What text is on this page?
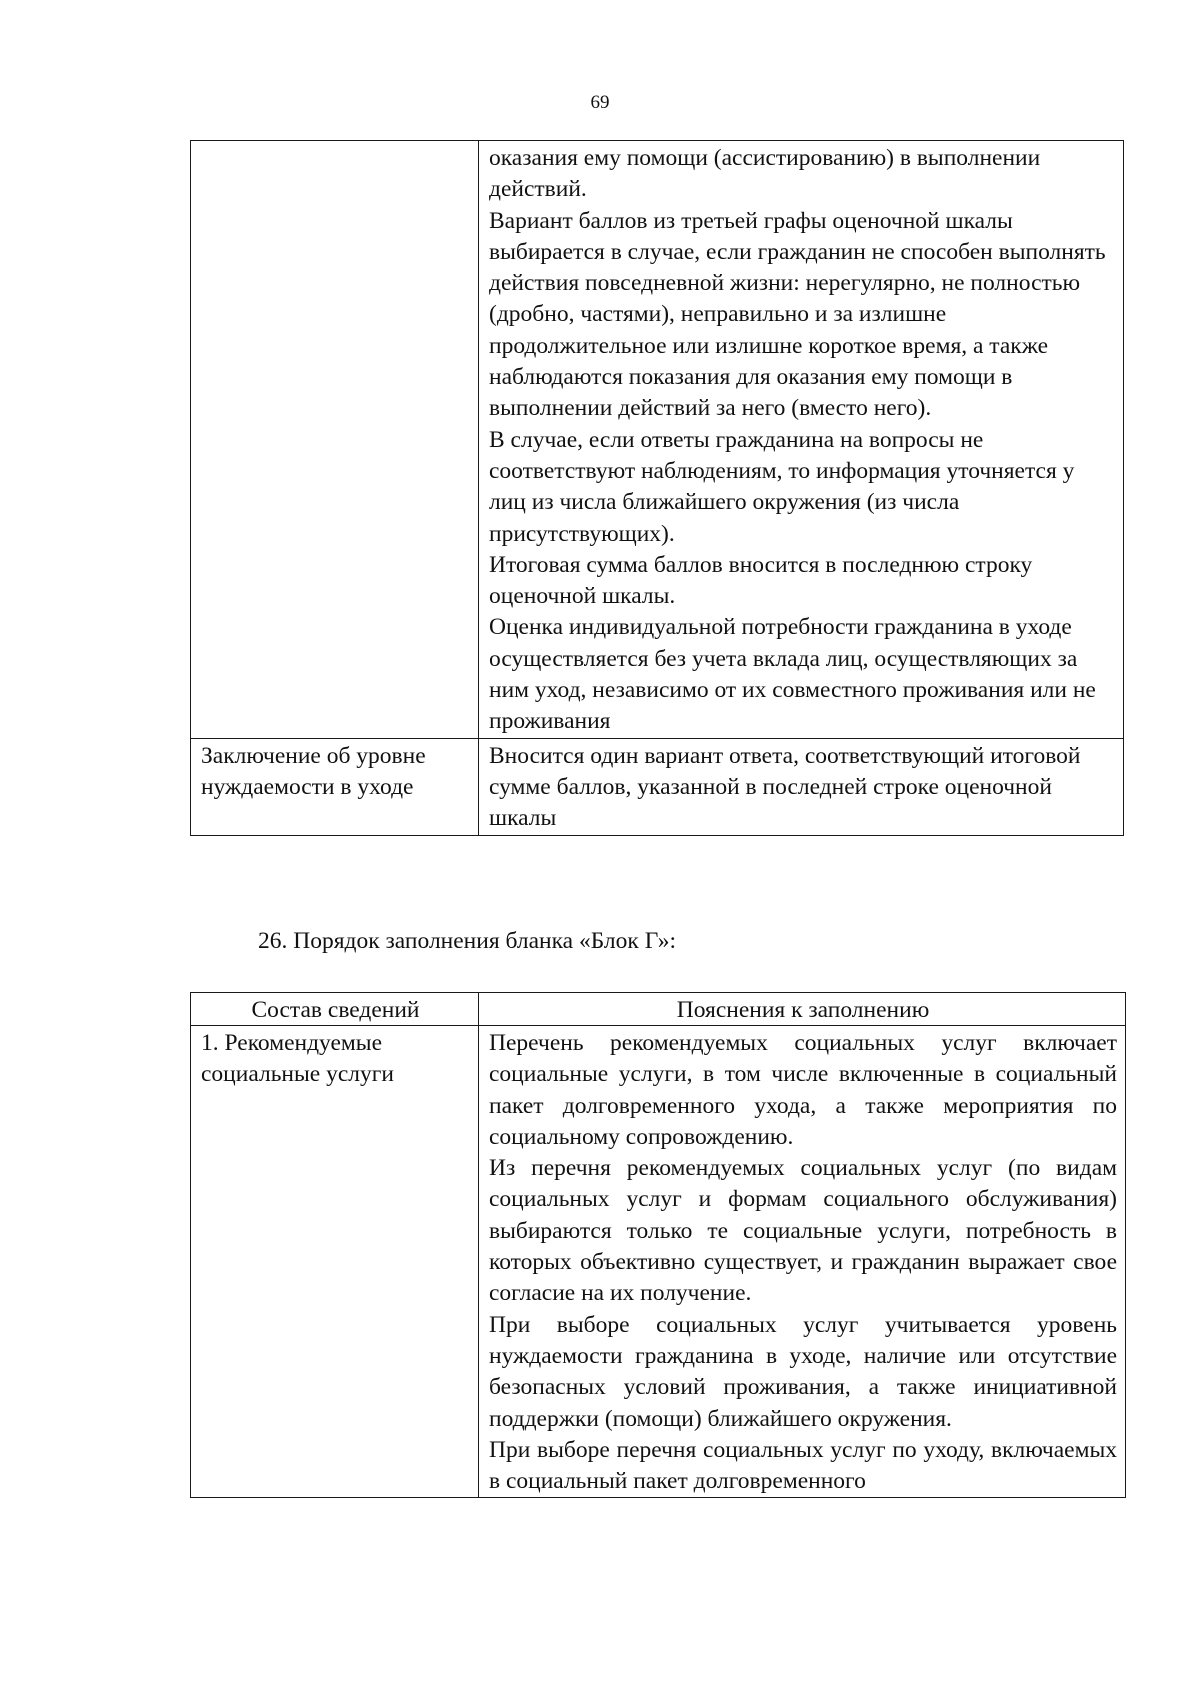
69

	оказания ему помощи (ассистированию) в выполнении действий.
Вариант баллов из третьей графы оценочной шкалы выбирается в случае, если гражданин не способен выполнять действия повседневной жизни: нерегулярно, не полностью (дробно, частями), неправильно и за излишне продолжительное или излишне короткое время, а также наблюдаются показания для оказания ему помощи в выполнении действий за него (вместо него).
В случае, если ответы гражданина на вопросы не соответствуют наблюдениям, то информация уточняется у лиц из числа ближайшего окружения (из числа присутствующих).
Итоговая сумма баллов вносится в последнюю строку оценочной шкалы.
Оценка индивидуальной потребности гражданина в уходе осуществляется без учета вклада лиц, осуществляющих за ним уход, независимо от их совместного проживания или не проживания

Заключение об уровне нуждаемости в уходе	Вносится один вариант ответа, соответствующий итоговой сумме баллов, указанной в последней строке оценочной шкалы
26. Порядок заполнения бланка «Блок Г»:
Состав сведений	Пояснения к заполнению
1. Рекомендуемые социальные услуги	Перечень рекомендуемых социальных услуг включает социальные услуги, в том числе включенные в социальный пакет долговременного ухода, а также мероприятия по социальному сопровождению.
Из перечня рекомендуемых социальных услуг (по видам социальных услуг и формам социального обслуживания) выбираются только те социальные услуги, потребность в которых объективно существует, и гражданин выражает свое согласие на их получение.
При выборе социальных услуг учитывается уровень нуждаемости гражданина в уходе, наличие или отсутствие безопасных условий проживания, а также инициативной поддержки (помощи) ближайшего окружения.
При выборе перечня социальных услуг по уходу, включаемых в социальный пакет долговременного
